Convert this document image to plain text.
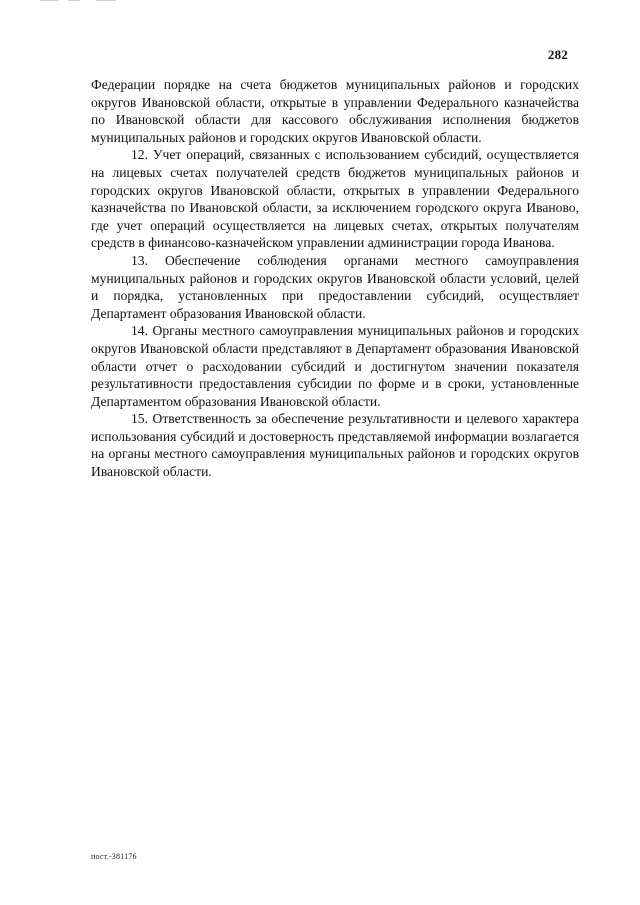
282

Федерации порядке на счета бюджетов муниципальных районов и городских округов Ивановской области, открытые в управлении Федерального казначейства по Ивановской области для кассового обслуживания исполнения бюджетов муниципальных районов и городских округов Ивановской области.

12. Учет операций, связанных с использованием субсидий, осуществляется на лицевых счетах получателей средств бюджетов муниципальных районов и городских округов Ивановской области, открытых в управлении Федерального казначейства по Ивановской области, за исключением городского округа Иваново, где учет операций осуществляется на лицевых счетах, открытых получателям средств в финансово-казначейском управлении администрации города Иванова.

13. Обеспечение соблюдения органами местного самоуправления муниципальных районов и городских округов Ивановской области условий, целей и порядка, установленных при предоставлении субсидий, осуществляет Департамент образования Ивановской области.

14. Органы местного самоуправления муниципальных районов и городских округов Ивановской области представляют в Департамент образования Ивановской области отчет о расходовании субсидий и достигнутом значении показателя результативности предоставления субсидии по форме и в сроки, установленные Департаментом образования Ивановской области.

15. Ответственность за обеспечение результативности и целевого характера использования субсидий и достоверность представляемой информации возлагается на органы местного самоуправления муниципальных районов и городских округов Ивановской области.

пост.-381176
